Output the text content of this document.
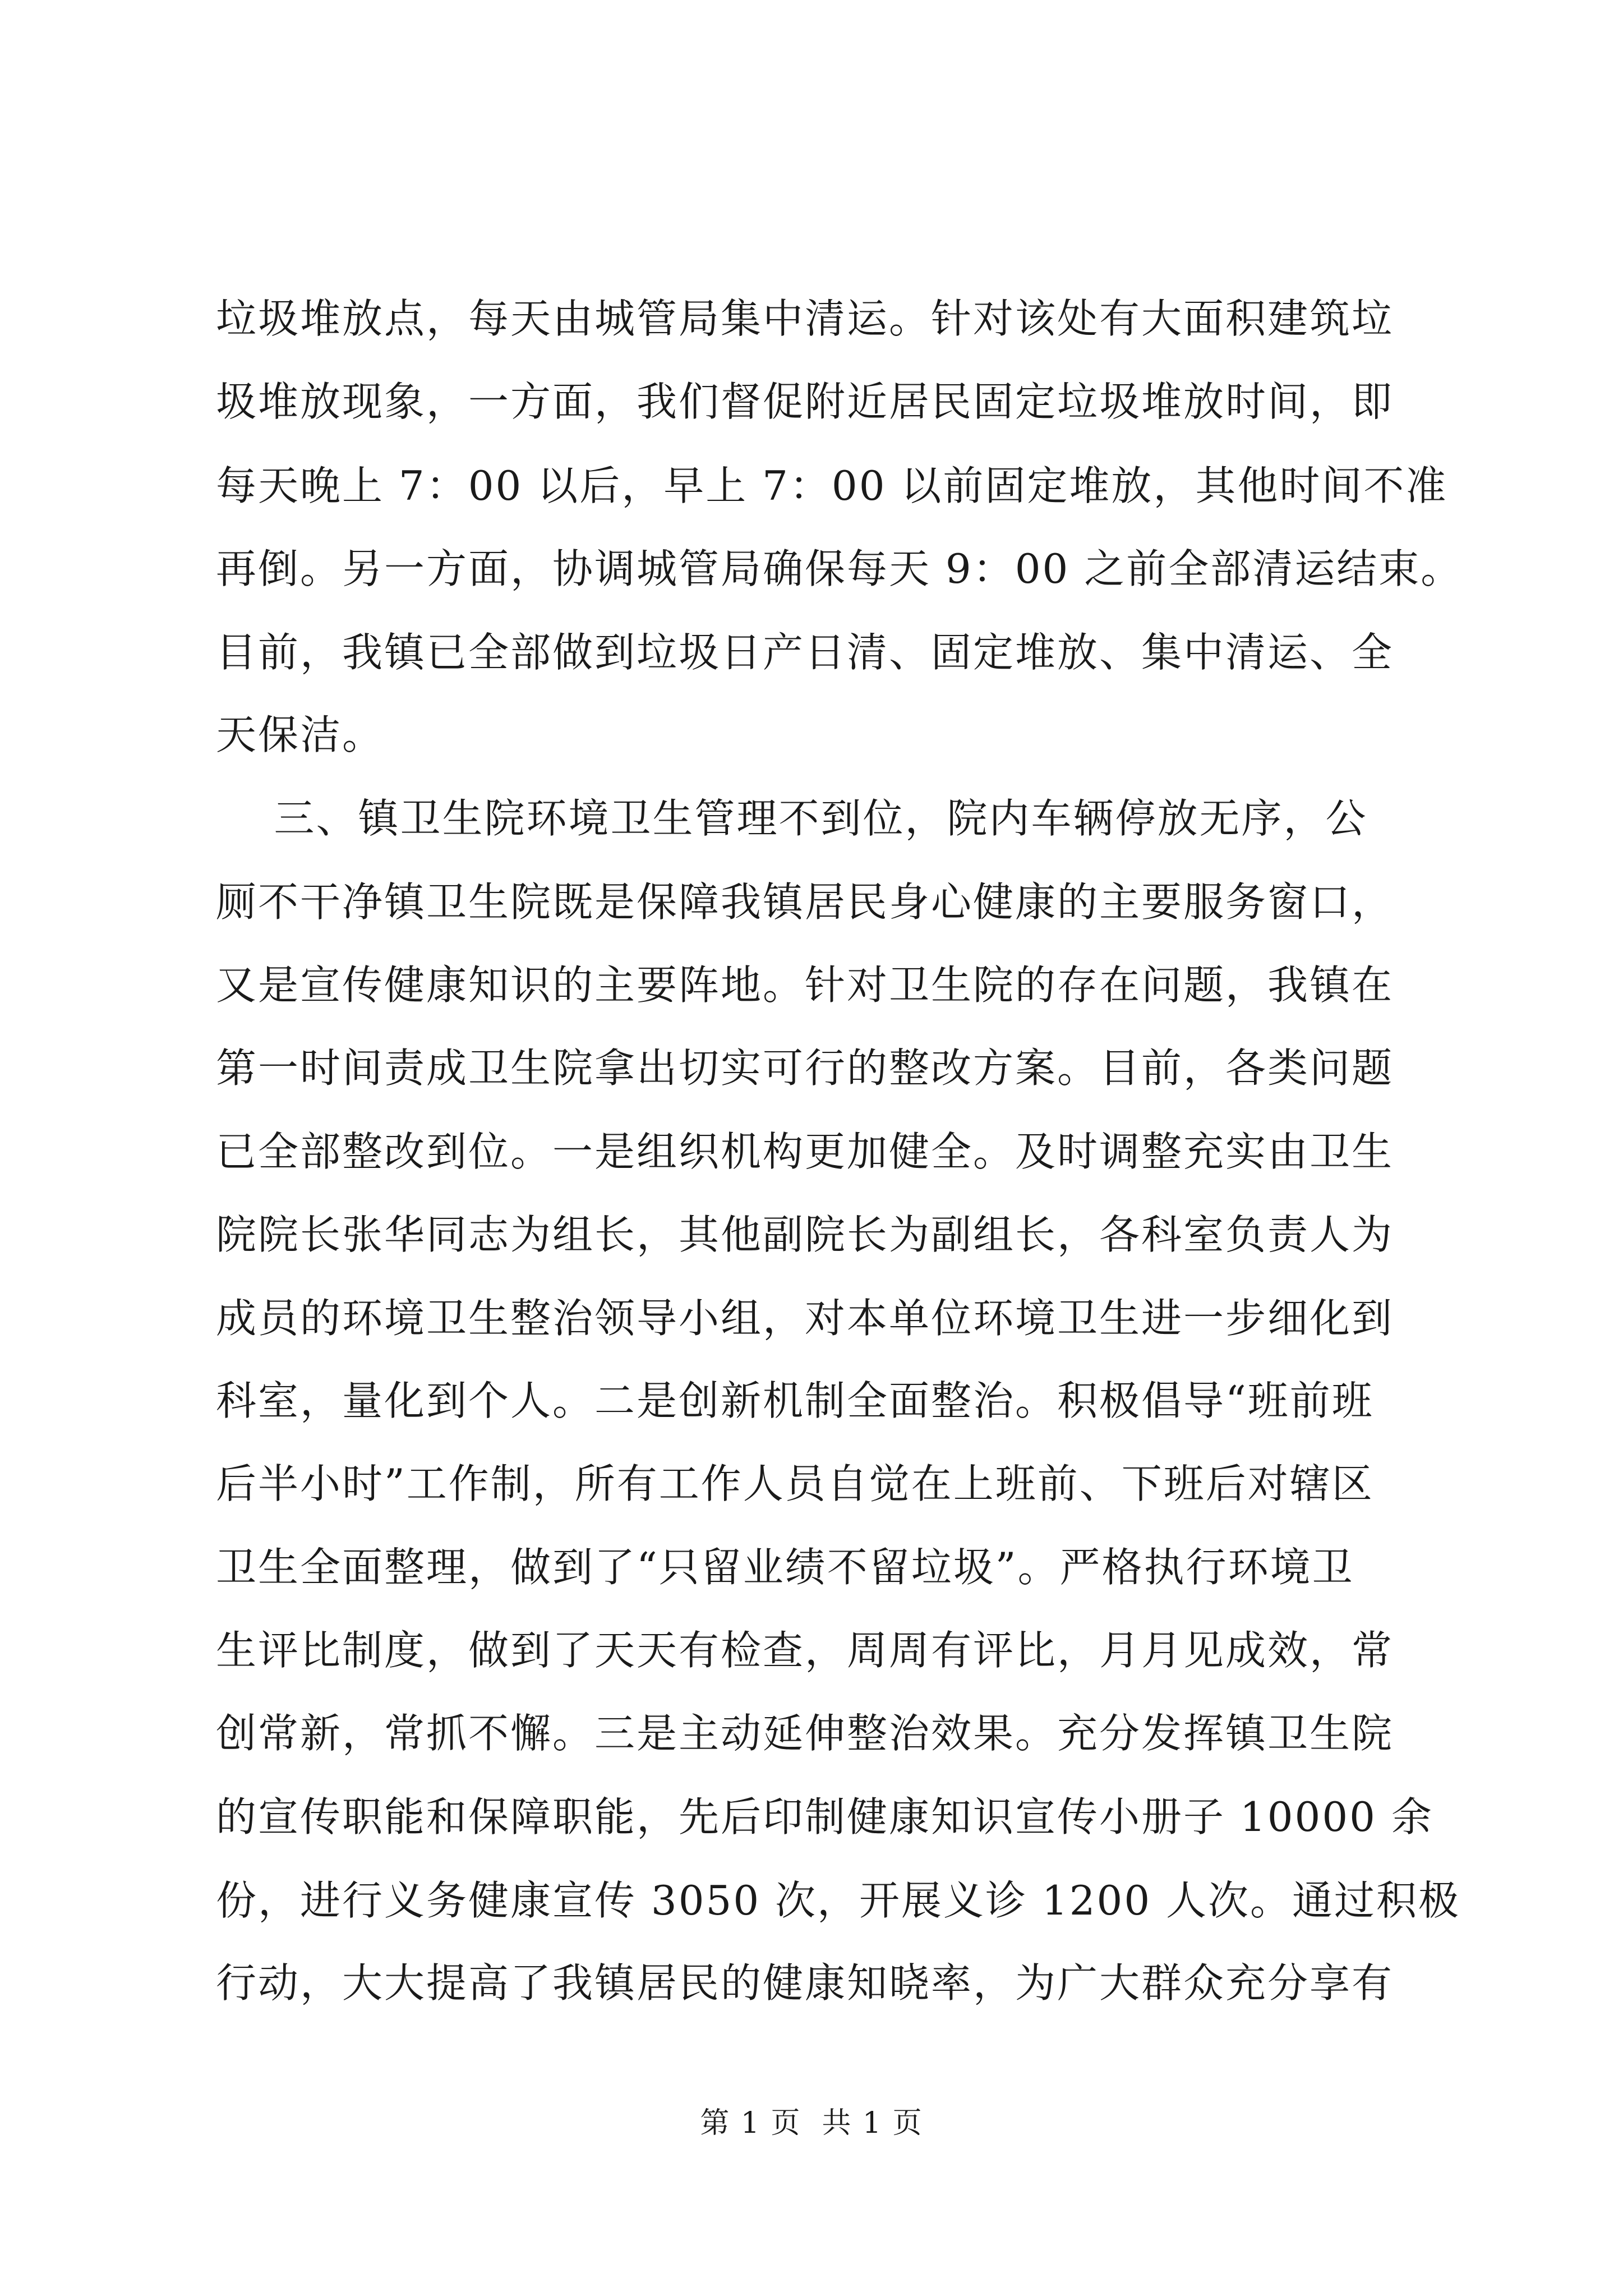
垃圾堆放点，每天由城管局集中清运。针对该处有大面积建筑垃
圾堆放现象，一方面，我们督促附近居民固定垃圾堆放时间，即
每天晚上 7：00 以后，早上 7：00 以前固定堆放，其他时间不准
再倒。另一方面，协调城管局确保每天 9：00 之前全部清运结束。
目前，我镇已全部做到垃圾日产日清、固定堆放、集中清运、全
天保洁。
三、镇卫生院环境卫生管理不到位，院内车辆停放无序，公
厕不干净镇卫生院既是保障我镇居民身心健康的主要服务窗口，
又是宣传健康知识的主要阵地。针对卫生院的存在问题，我镇在
第一时间责成卫生院拿出切实可行的整改方案。目前，各类问题
已全部整改到位。一是组织机构更加健全。及时调整充实由卫生
院院长张华同志为组长，其他副院长为副组长，各科室负责人为
成员的环境卫生整治领导小组，对本单位环境卫生进一步细化到
科室，量化到个人。二是创新机制全面整治。积极倡导“班前班
后半小时”工作制，所有工作人员自觉在上班前、下班后对辖区
卫生全面整理，做到了“只留业绩不留垃圾”。严格执行环境卫
生评比制度，做到了天天有检查，周周有评比，月月见成效，常
创常新，常抓不懈。三是主动延伸整治效果。充分发挥镇卫生院
的宣传职能和保障职能，先后印制健康知识宣传小册子 10000 余
份，进行义务健康宣传 3050 次，开展义诊 1200 人次。通过积极
行动，大大提高了我镇居民的健康知晓率，为广大群众充分享有
第 1 页  共 1 页
